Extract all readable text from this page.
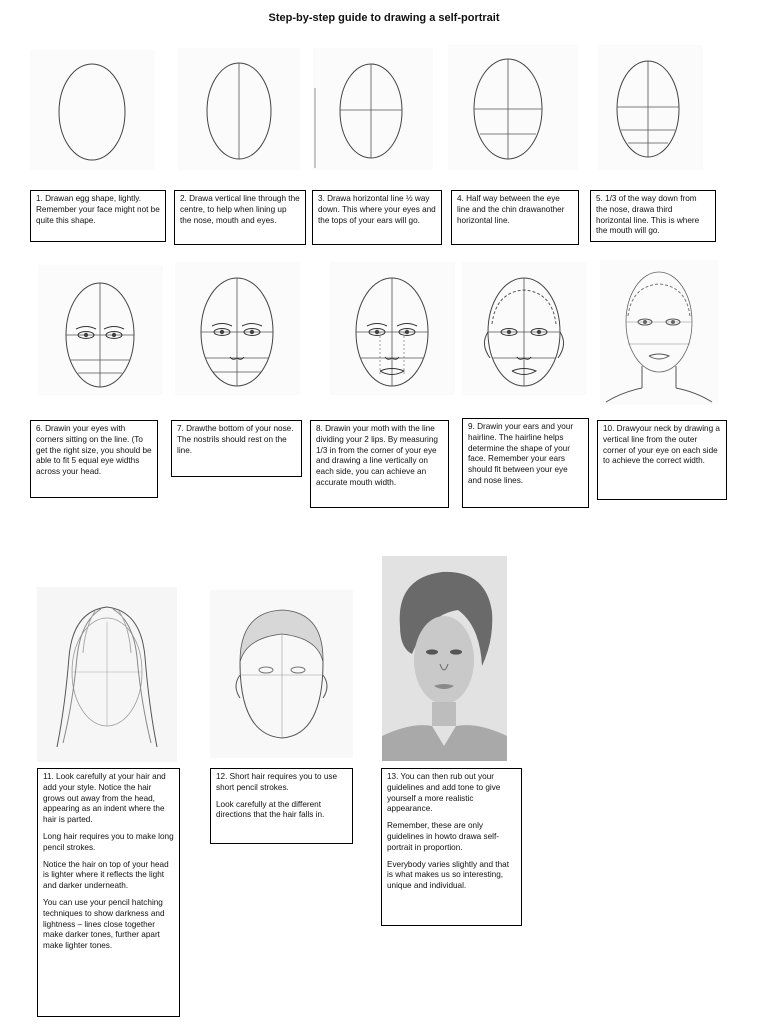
Step-by-step guide to drawing a self-portrait

1. Drawan egg shape, lightly. Remember your face might not be quite this shape.

2. Drawa vertical line through the centre, to help when lining up the nose, mouth and eyes.

3. Drawa horizontal line ½ way down. This where your eyes and the tops of your ears will go.

4. Half way between the eye line and the chin drawanother horizontal line.

5. 1/3 of the way down from the nose, drawa third horizontal line. This is where the mouth will go.

6. Drawin your eyes with corners sitting on the line. (To get the right size, you should be able to fit 5 equal eye widths across your head.

7. Drawthe bottom of your nose. The nostrils should rest on the line.

8. Drawin your moth with the line dividing your 2 lips. By measuring 1/3 in from the corner of your eye and drawing a line vertically on each side, you can achieve an accurate mouth width.

9. Drawin your ears and your hairline. The hairline helps determine the shape of your face. Remember your ears should fit between your eye and nose lines.

10. Drawyour neck by drawing a vertical line from the outer corner of your eye on each side to achieve the correct width.

11. Look carefully at your hair and add your style. Notice the hair grows out away from the head, appearing as an indent where the hair is parted.

Long hair requires you to make long pencil strokes.

Notice the hair on top of your head is lighter where it reflects the light and darker underneath.

You can use your pencil hatching techniques to show darkness and lightness – lines close together make darker tones, further apart make lighter tones.

12. Short hair requires you to use short pencil strokes.

Look carefully at the different directions that the hair falls in.

13. You can then rub out your guidelines and add tone to give yourself a more realistic appearance.

Remember, these are only guidelines in howto drawa self-portrait in proportion.

Everybody varies slightly and that is what makes us so interesting, unique and individual.
